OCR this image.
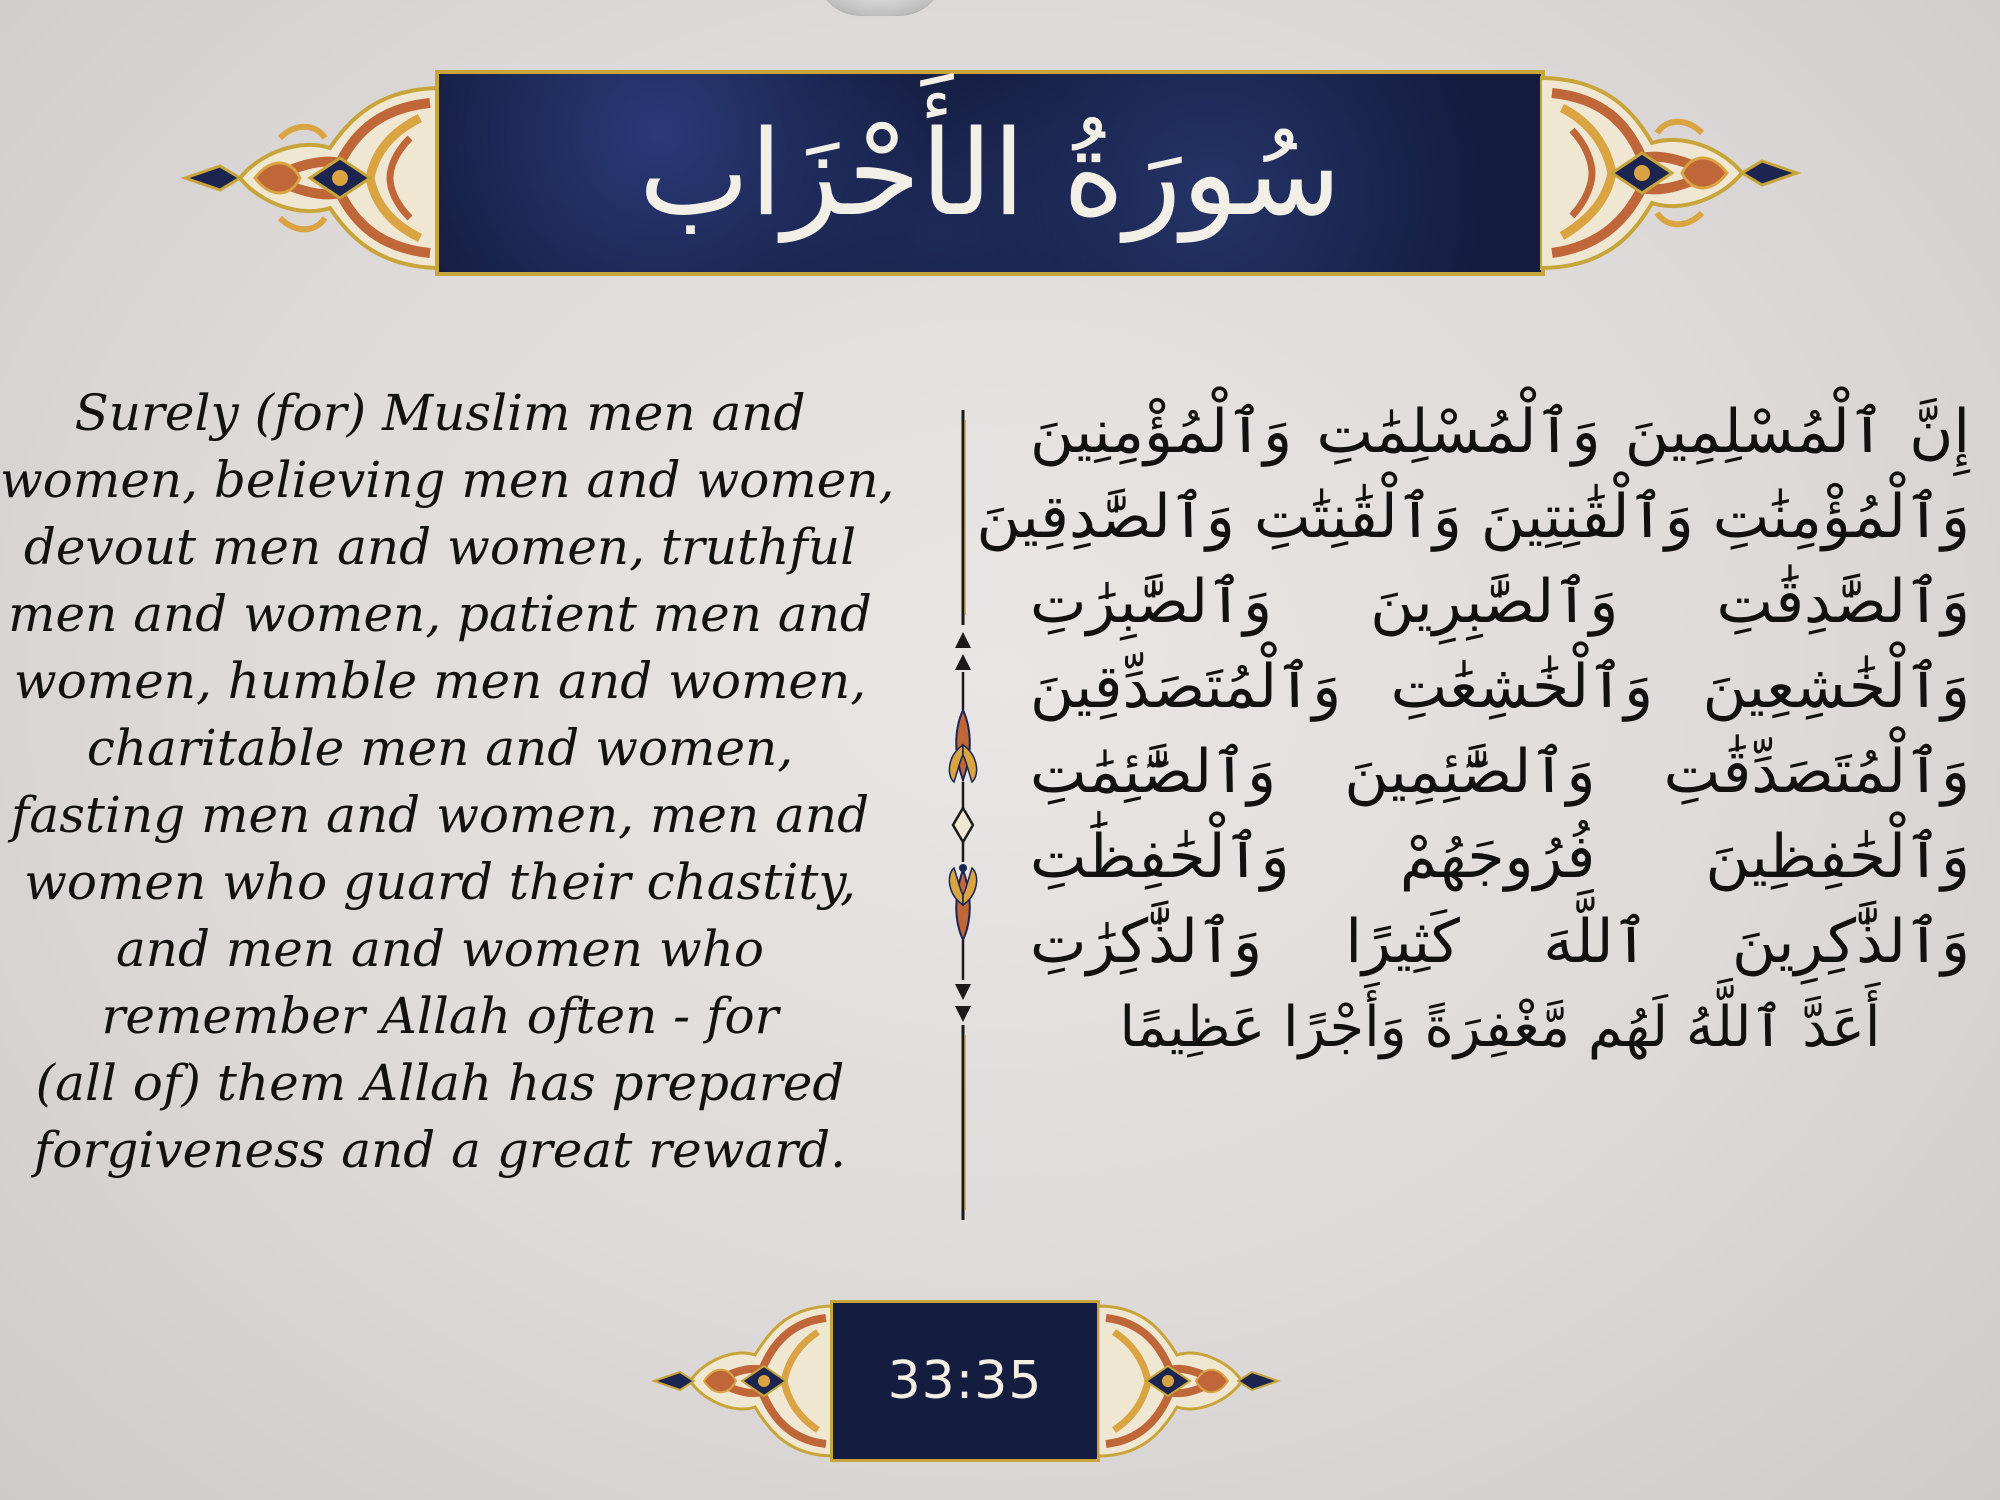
سُورَةُ الأَحْزَاب
Surely (for) Muslim men and
women, believing men and women,
devout men and women, truthful
men and women, patient men and
women, humble men and women,
charitable men and women,
fasting men and women, men and
women who guard their chastity,
and men and women who
remember Allah often - for
(all of) them Allah has prepared
forgiveness and a great reward.
إِنَّ ٱلْمُسْلِمِينَ وَٱلْمُسْلِمَٰتِ وَٱلْمُؤْمِنِينَ
وَٱلْمُؤْمِنَٰتِ وَٱلْقَٰنِتِينَ وَٱلْقَٰنِتَٰتِ وَٱلصَّٰدِقِينَ
وَٱلصَّٰدِقَٰتِ وَٱلصَّٰبِرِينَ وَٱلصَّٰبِرَٰتِ
وَٱلْخَٰشِعِينَ وَٱلْخَٰشِعَٰتِ وَٱلْمُتَصَدِّقِينَ
وَٱلْمُتَصَدِّقَٰتِ وَٱلصَّٰٓئِمِينَ وَٱلصَّٰٓئِمَٰتِ
وَٱلْحَٰفِظِينَ فُرُوجَهُمْ وَٱلْحَٰفِظَٰتِ
وَٱلذَّٰكِرِينَ ٱللَّهَ كَثِيرًا وَٱلذَّٰكِرَٰتِ
أَعَدَّ ٱللَّهُ لَهُم مَّغْفِرَةً وَأَجْرًا عَظِيمًا
33:35
